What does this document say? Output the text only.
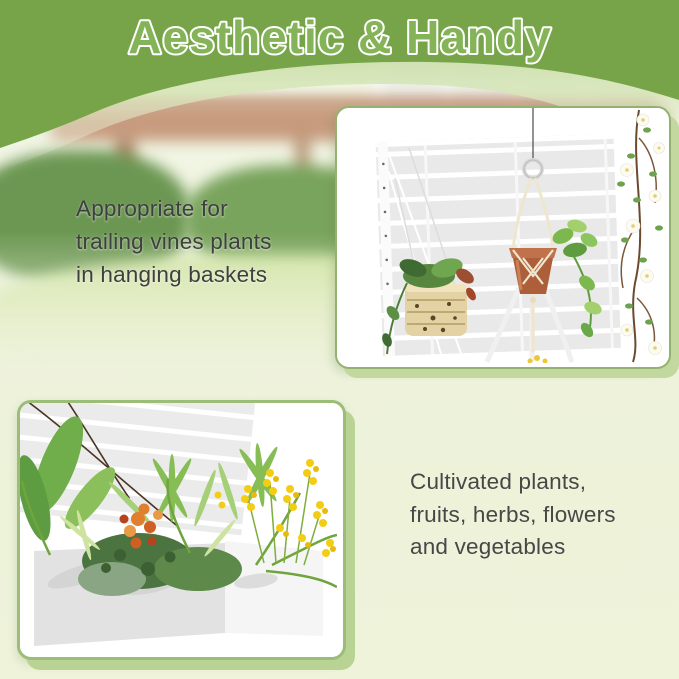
Aesthetic & Handy
Appropriate for
trailing vines plants
in hanging baskets
Cultivated plants,
fruits, herbs, flowers
and vegetables
